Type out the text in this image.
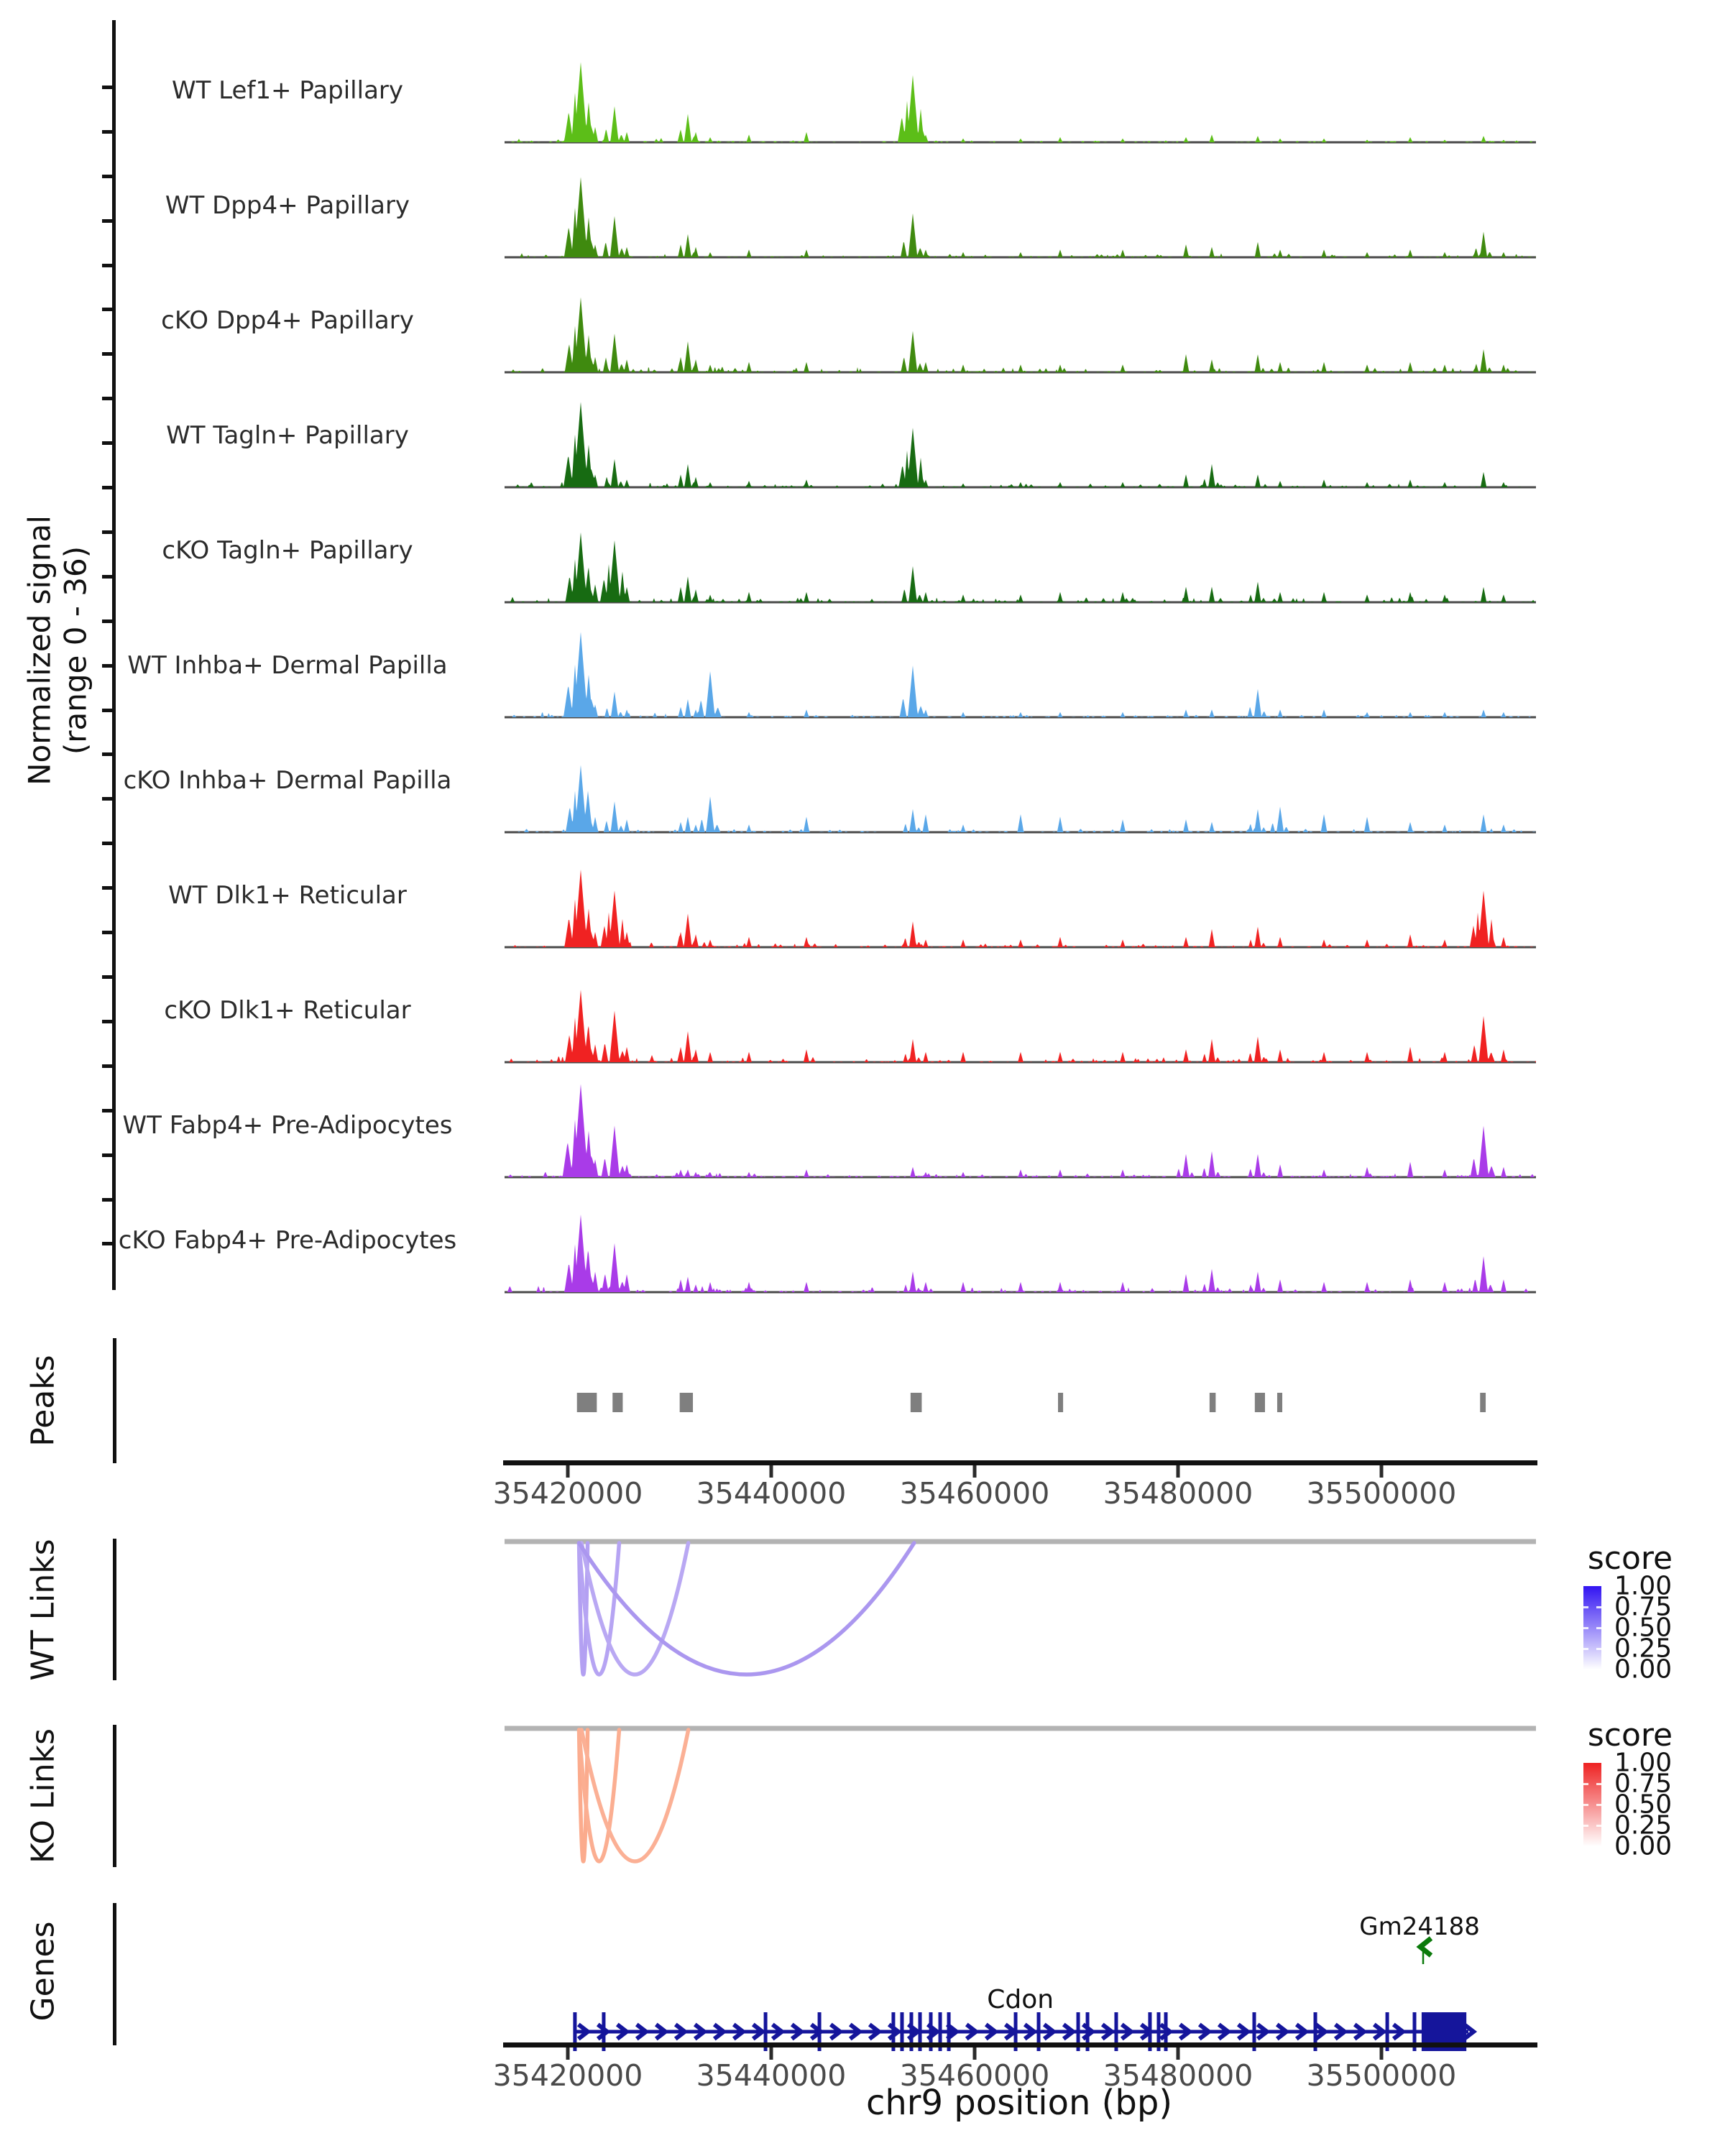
Normalized signal (range 0 - 36)
Peaks
WT Links
KO Links
Genes
WT Lef1+ Papillary
WT Dpp4+ Papillary
cKO Dpp4+ Papillary
WT Tagln+ Papillary
cKO Tagln+ Papillary
WT Inhba+ Dermal Papilla
cKO Inhba+ Dermal Papilla
WT Dlk1+ Reticular
cKO Dlk1+ Reticular
WT Fabp4+ Pre-Adipocytes
cKO Fabp4+ Pre-Adipocytes
35420000 35440000 35460000 35480000 35500000
Cdon
Gm24188
35420000 35440000 35460000 35480000 35500000
chr9 position (bp)
score
1.00
0.75
0.50
0.25
0.00
score
1.00
0.75
0.50
0.25
0.00
